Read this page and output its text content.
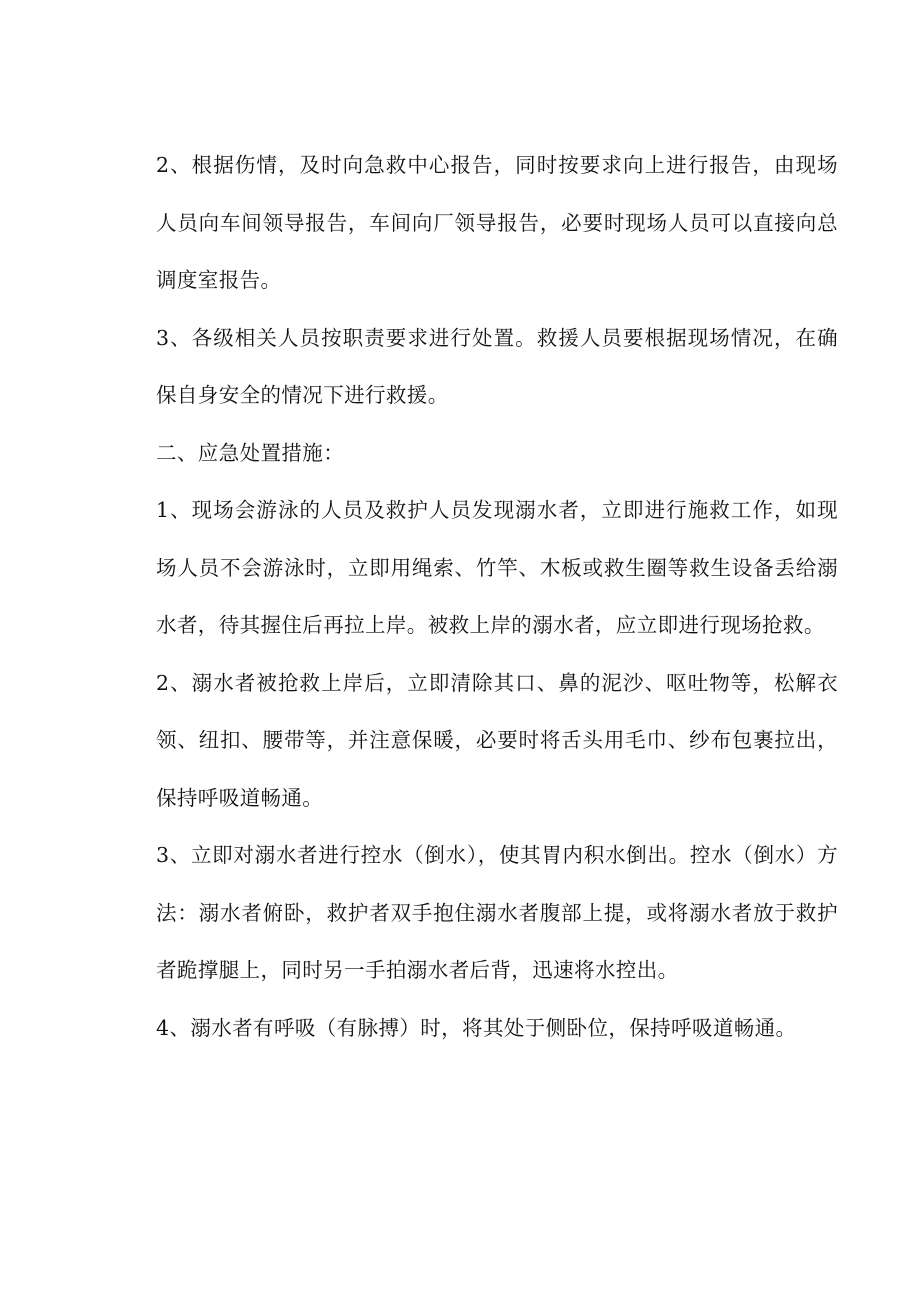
2、根据伤情，及时向急救中心报告，同时按要求向上进行报告，由现场人员向车间领导报告，车间向厂领导报告，必要时现场人员可以直接向总调度室报告。

3、各级相关人员按职责要求进行处置。救援人员要根据现场情况，在确保自身安全的情况下进行救援。

二、应急处置措施：

1、现场会游泳的人员及救护人员发现溺水者，立即进行施救工作，如现场人员不会游泳时，立即用绳索、竹竿、木板或救生圈等救生设备丢给溺水者，待其握住后再拉上岸。被救上岸的溺水者，应立即进行现场抢救。

2、溺水者被抢救上岸后，立即清除其口、鼻的泥沙、呕吐物等，松解衣领、纽扣、腰带等，并注意保暖，必要时将舌头用毛巾、纱布包裹拉出，保持呼吸道畅通。

3、立即对溺水者进行控水（倒水），使其胃内积水倒出。控水（倒水）方法：溺水者俯卧，救护者双手抱住溺水者腹部上提，或将溺水者放于救护者跪撑腿上，同时另一手拍溺水者后背，迅速将水控出。

4、溺水者有呼吸（有脉搏）时，将其处于侧卧位，保持呼吸道畅通。
